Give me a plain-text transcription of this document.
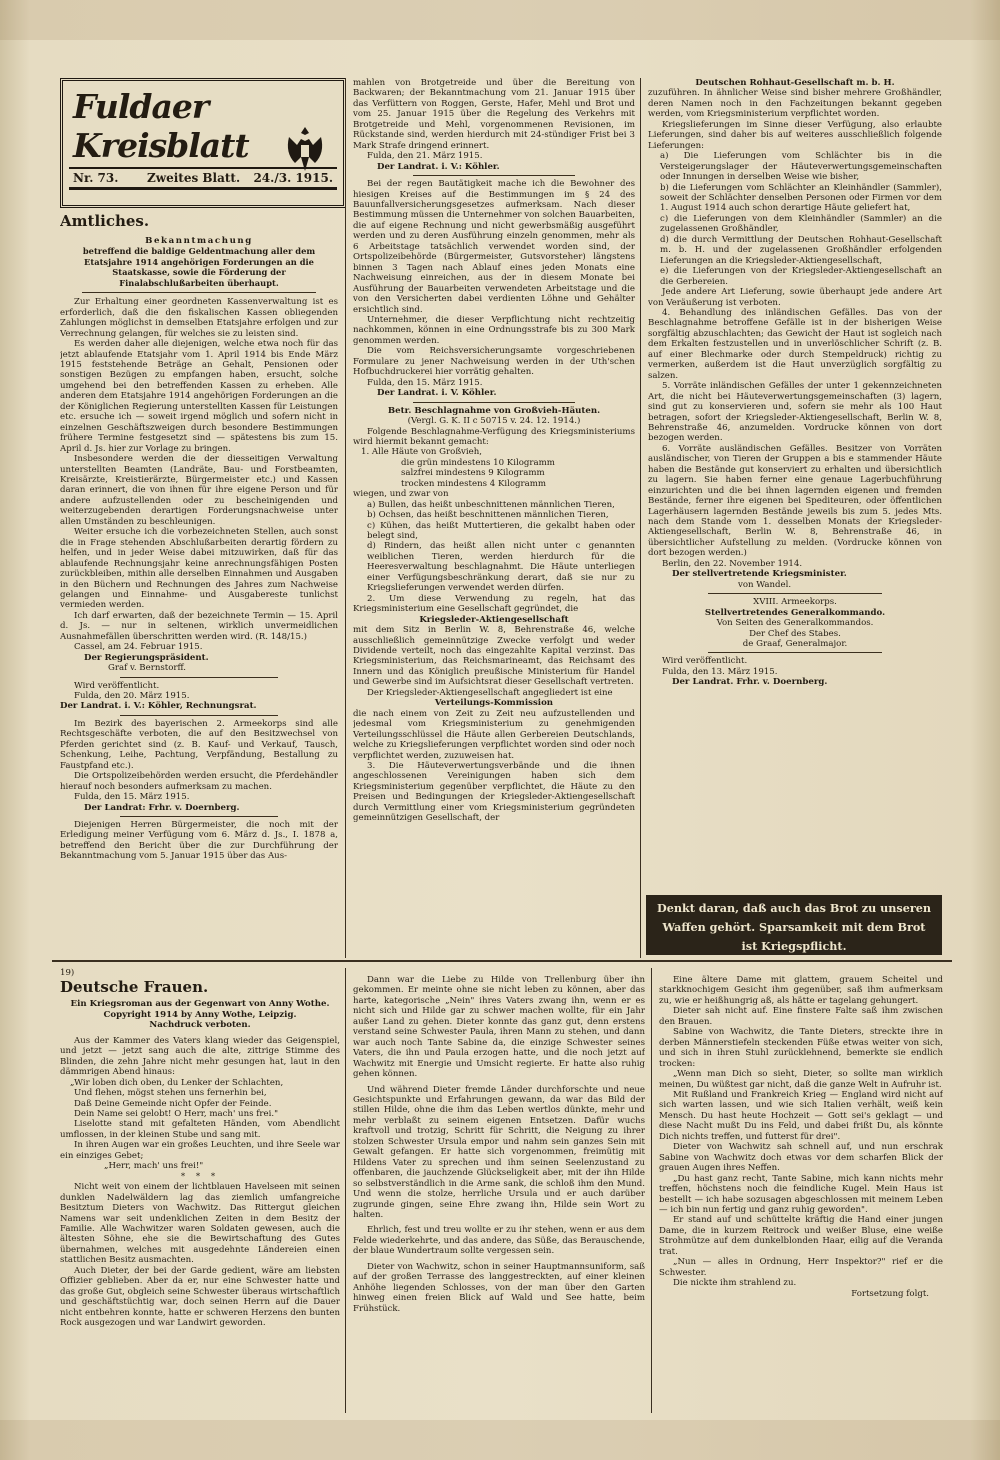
Fuldaer Kreisblatt
Nr. 73. Zweites Blatt. 24./3. 1915.

Amtliches.

Bekanntmachung

betreffend die baldige Geldentmachung aller dem Etatsjahre 1914 angehörigen Forderungen an die Staatskasse, sowie die Förderung der Finalabschlußarbeiten überhaupt.

Zur Erhaltung einer geordneten Kassenverwaltung ist es erforderlich, daß die den fiskalischen Kassen obliegenden Zahlungen möglichst in demselben Etatsjahre erfolgen und zur Verrechnung gelangen, für welches sie zu leisten sind.

Es werden daher alle diejenigen, welche etwa noch für das jetzt ablaufende Etatsjahr vom 1. April 1914 bis Ende März 1915 feststehende Beträge an Gehalt, Pensionen oder sonstigen Bezügen zu empfangen haben, ersucht, solche umgehend bei den betreffenden Kassen zu erheben. Alle anderen dem Etatsjahre 1914 angehörigen Forderungen an die der Königlichen Regierung unterstellten Kassen für Leistungen etc. ersuche ich — soweit irgend möglich und sofern nicht in einzelnen Geschäftszweigen durch besondere Bestimmungen frühere Termine festgesetzt sind — spätestens bis zum 15. April d. Js. hier zur Vorlage zu bringen.

Insbesondere werden die der diesseitigen Verwaltung unterstellten Beamten (Landräte, Bau- und Forstbeamten, Kreisärzte, Kreistierärzte, Bürgermeister etc.) und Kassen daran erinnert, die von ihnen für ihre eigene Person und für andere aufzustellenden oder zu bescheinigenden und weiterzugebenden derartigen Forderungsnachweise unter allen Umständen zu beschleunigen.

Weiter ersuche ich die vorbezeichneten Stellen, auch sonst die in Frage stehenden Abschlußarbeiten derartig fördern zu helfen, und in jeder Weise dabei mitzuwirken, daß für das ablaufende Rechnungsjahr keine anrechnungsfähigen Posten zurückbleiben, mithin alle derselben Einnahmen und Ausgaben in den Büchern und Rechnungen des Jahres zum Nachweise gelangen und Einnahme- und Ausgabereste tunlichst vermieden werden.

Ich darf erwarten, daß der bezeichnete Termin — 15. April d. Js. — nur in seltenen, wirklich unvermeidlichen Ausnahmefällen überschritten werden wird. (R. 148/15.)

Cassel, am 24. Februar 1915.

Der Regierungspräsident.

Graf v. Bernstorff.

Wird veröffentlicht.

Fulda, den 20. März 1915.

Der Landrat. i. V.: Köhler, Rechnungsrat.

Im Bezirk des bayerischen 2. Armeekorps sind alle Rechtsgeschäfte verboten, die auf den Besitzwechsel von Pferden gerichtet sind (z. B. Kauf- und Verkauf, Tausch, Schenkung, Leihe, Pachtung, Verpfändung, Bestallung zu Faustpfand etc.).

Die Ortspolizeibehörden werden ersucht, die Pferdehändler hierauf noch besonders aufmerksam zu machen.

Fulda, den 15. März 1915.

Der Landrat: Frhr. v. Doernberg.

Diejenigen Herren Bürgermeister, die noch mit der Erledigung meiner Verfügung vom 6. März d. Js., I. 1878 a, betreffend den Bericht über die zur Durchführung der Bekanntmachung vom 5. Januar 1915 über das Aus-

mahlen von Brotgetreide und über die Bereitung von Backwaren; der Bekanntmachung vom 21. Januar 1915 über das Verfüttern von Roggen, Gerste, Hafer, Mehl und Brot und vom 25. Januar 1915 über die Regelung des Verkehrs mit Brotgetreide und Mehl, vorgenommenen Revisionen, im Rückstande sind, werden hierdurch mit 24-stündiger Frist bei 3 Mark Strafe dringend erinnert.

Fulda, den 21. März 1915.

Der Landrat. i. V.: Köhler.

Bei der regen Bautätigkeit mache ich die Bewohner des hiesigen Kreises auf die Bestimmungen im § 24 des Bauunfallversicherungsgesetzes aufmerksam. Nach dieser Bestimmung müssen die Unternehmer von solchen Bauarbeiten, die auf eigene Rechnung und nicht gewerbsmäßig ausgeführt werden und zu deren Ausführung einzeln genommen, mehr als 6 Arbeitstage tatsächlich verwendet worden sind, der Ortspolizeibehörde (Bürgermeister, Gutsvorsteher) längstens binnen 3 Tagen nach Ablauf eines jeden Monats eine Nachweisung einreichen, aus der in diesem Monate bei Ausführung der Bauarbeiten verwendeten Arbeitstage und die von den Versicherten dabei verdienten Löhne und Gehälter ersichtlich sind.

Unternehmer, die dieser Verpflichtung nicht rechtzeitig nachkommen, können in eine Ordnungsstrafe bis zu 300 Mark genommen werden.

Die vom Reichsversicherungsamte vorgeschriebenen Formulare zu jener Nachweisung werden in der Uth'schen Hofbuchdruckerei hier vorrätig gehalten.

Fulda, den 15. März 1915.

Der Landrat. i. V. Köhler.

Betr. Beschlagnahme von Großvieh-Häuten.

(Vergl. G. K. II c 50715 v. 24. 12. 1914.)

Folgende Beschlagnahme-Verfügung des Kriegsministeriums wird hiermit bekannt gemacht:

1. Alle Häute von Großvieh,

die grün mindestens 10 Kilogramm

salzfrei mindestens 9 Kilogramm

trocken mindestens 4 Kilogramm

wiegen, und zwar von

a) Bullen, das heißt unbeschnittenen männlichen Tieren,

b) Ochsen, das heißt beschnittenen männlichen Tieren,

c) Kühen, das heißt Muttertieren, die gekalbt haben oder belegt sind,

d) Rindern, das heißt allen nicht unter c genannten weiblichen Tieren, werden hierdurch für die Heeresverwaltung beschlagnahmt. Die Häute unterliegen einer Verfügungsbeschränkung derart, daß sie nur zu Kriegslieferungen verwendet werden dürfen.

2. Um diese Verwendung zu regeln, hat das Kriegsministerium eine Gesellschaft gegründet, die

Kriegsleder-Aktiengesellschaft

mit dem Sitz in Berlin W. 8, Behrenstraße 46, welche ausschließlich gemeinnützige Zwecke verfolgt und weder Dividende verteilt, noch das eingezahlte Kapital verzinst. Das Kriegsministerium, das Reichsmarineamt, das Reichsamt des Innern und das Königlich preußische Ministerium für Handel und Gewerbe sind im Aufsichtsrat dieser Gesellschaft vertreten.

Der Kriegsleder-Aktiengesellschaft angegliedert ist eine

Verteilungs-Kommission

die nach einem von Zeit zu Zeit neu aufzustellenden und jedesmal vom Kriegsministerium zu genehmigenden Verteilungsschlüssel die Häute allen Gerbereien Deutschlands, welche zu Kriegslieferungen verpflichtet worden sind oder noch verpflichtet werden, zuzuweisen hat.

3. Die Häuteverwertungsverbände und die ihnen angeschlossenen Vereinigungen haben sich dem Kriegsministerium gegenüber verpflichtet, die Häute zu den Preisen und Bedingungen der Kriegsleder-Aktiengesellschaft durch Vermittlung einer vom Kriegsministerium gegründeten gemeinnützigen Gesellschaft, der

Deutschen Rohhaut-Gesellschaft m. b. H.

zuzuführen. In ähnlicher Weise sind bisher mehrere Großhändler, deren Namen noch in den Fachzeitungen bekannt gegeben werden, vom Kriegsministerium verpflichtet worden.

Kriegslieferungen im Sinne dieser Verfügung, also erlaubte Lieferungen, sind daher bis auf weiteres ausschließlich folgende Lieferungen:

a) Die Lieferungen vom Schlächter bis in die Versteigerungslager der Häuteverwertungsgemeinschaften oder Innungen in derselben Weise wie bisher,

b) die Lieferungen vom Schlächter an Kleinhändler (Sammler), soweit der Schlächter denselben Personen oder Firmen vor dem 1. August 1914 auch schon derartige Häute geliefert hat,

c) die Lieferungen von dem Kleinhändler (Sammler) an die zugelassenen Großhändler,

d) die durch Vermittlung der Deutschen Rohhaut-Gesellschaft m. b. H. und der zugelassenen Großhändler erfolgenden Lieferungen an die Kriegsleder-Aktiengesellschaft,

e) die Lieferungen von der Kriegsleder-Aktiengesellschaft an die Gerbereien.

Jede andere Art Lieferung, sowie überhaupt jede andere Art von Veräußerung ist verboten.

4. Behandlung des inländischen Gefälles. Das von der Beschlagnahme betroffene Gefälle ist in der bisherigen Weise sorgfältig abzuschlachten; das Gewicht der Haut ist sogleich nach dem Erkalten festzustellen und in unverlöschlicher Schrift (z. B. auf einer Blechmarke oder durch Stempeldruck) richtig zu vermerken, außerdem ist die Haut unverzüglich sorgfältig zu salzen.

5. Vorräte inländischen Gefälles der unter 1 gekennzeichneten Art, die nicht bei Häuteverwertungsgemeinschaften (3) lagern, sind gut zu konservieren und, sofern sie mehr als 100 Haut betragen, sofort der Kriegsleder-Aktiengesellschaft, Berlin W. 8, Behrenstraße 46, anzumelden. Vordrucke können von dort bezogen werden.

6. Vorräte ausländischen Gefälles. Besitzer von Vorräten ausländischer, von Tieren der Gruppen a bis e stammender Häute haben die Bestände gut konserviert zu erhalten und übersichtlich zu lagern. Sie haben ferner eine genaue Lagerbuchführung einzurichten und die bei ihnen lagernden eigenen und fremden Bestände, ferner ihre eigenen bei Spediteuren, oder öffentlichen Lagerhäusern lagernden Bestände jeweils bis zum 5. jedes Mts. nach dem Stande vom 1. desselben Monats der Kriegsleder-Aktiengesellschaft, Berlin W. 8, Behrenstraße 46, in übersichtlicher Aufstellung zu melden. (Vordrucke können von dort bezogen werden.)

Berlin, den 22. November 1914.

Der stellvertretende Kriegsminister.

von Wandel.

XVIII. Armeekorps.

Stellvertretendes Generalkommando.

Von Seiten des Generalkommandos.

Der Chef des Stabes.

de Graaf, Generalmajor.

Wird veröffentlicht.

Fulda, den 13. März 1915.

Der Landrat. Frhr. v. Doernberg.

Denkt daran, daß auch das Brot zu unseren
Waffen gehört. Sparsamkeit mit dem Brot
ist Kriegspflicht.

19)

Deutsche Frauen.

Ein Kriegsroman aus der Gegenwart von Anny Wothe.

Copyright 1914 by Anny Wothe, Leipzig.

Nachdruck verboten.

Aus der Kammer des Vaters klang wieder das Geigenspiel, und jetzt — jetzt sang auch die alte, zittrige Stimme des Blinden, die zehn Jahre nicht mehr gesungen hat, laut in den dämmrigen Abend hinaus:

„Wir loben dich oben, du Lenker der Schlachten,

Und flehen, mögst stehen uns fernerhin bei,

Daß Deine Gemeinde nicht Opfer der Feinde.

Dein Name sei gelobt! O Herr, mach' uns frei."

Liselotte stand mit gefalteten Händen, vom Abendlicht umflossen, in der kleinen Stube und sang mit.

In ihren Augen war ein großes Leuchten, und ihre Seele war ein einziges Gebet;

„Herr, mach' uns frei!"

* * *

Nicht weit von einem der lichtblauen Havelseen mit seinen dunklen Nadelwäldern lag das ziemlich umfangreiche Besitztum Dieters von Wachwitz. Das Rittergut gleichen Namens war seit undenklichen Zeiten in dem Besitz der Familie. Alle Wachwitzer waren Soldaten gewesen, auch die ältesten Söhne, ehe sie die Bewirtschaftung des Gutes übernahmen, welches mit ausgedehnte Ländereien einen stattlichen Besitz ausmachten.

Auch Dieter, der bei der Garde gedient, wäre am liebsten Offizier geblieben. Aber da er, nur eine Schwester hatte und das große Gut, obgleich seine Schwester überaus wirtschaftlich und geschäftstüchtig war, doch seinen Herrn auf die Dauer nicht entbehren konnte, hatte er schweren Herzens den bunten Rock ausgezogen und war Landwirt geworden.

Dann war die Liebe zu Hilde von Trellenburg über ihn gekommen. Er meinte ohne sie nicht leben zu können, aber das harte, kategorische „Nein" ihres Vaters zwang ihn, wenn er es nicht sich und Hilde gar zu schwer machen wollte, für ein Jahr außer Land zu gehen. Dieter konnte das ganz gut, denn erstens verstand seine Schwester Paula, ihren Mann zu stehen, und dann war auch noch Tante Sabine da, die einzige Schwester seines Vaters, die ihn und Paula erzogen hatte, und die noch jetzt auf Wachwitz mit Energie und Umsicht regierte. Er hatte also ruhig gehen können.

Und während Dieter fremde Länder durchforschte und neue Gesichtspunkte und Erfahrungen gewann, da war das Bild der stillen Hilde, ohne die ihm das Leben wertlos dünkte, mehr und mehr verblaßt zu seinem eigenen Entsetzen. Dafür wuchs kraftvoll und trotzig, Schritt für Schritt, die Neigung zu ihrer stolzen Schwester Ursula empor und nahm sein ganzes Sein mit Gewalt gefangen. Er hatte sich vorgenommen, freimütig mit Hildens Vater zu sprechen und ihm seinen Seelenzustand zu offenbaren, die jauchzende Glückseligkeit aber, mit der ihn Hilde so selbstverständlich in die Arme sank, die schloß ihm den Mund. Und wenn die stolze, herrliche Ursula und er auch darüber zugrunde gingen, seine Ehre zwang ihn, Hilde sein Wort zu halten.

Ehrlich, fest und treu wollte er zu ihr stehen, wenn er aus dem Felde wiederkehrte, und das andere, das Süße, das Berauschende, der blaue Wundertraum sollte vergessen sein.

Dieter von Wachwitz, schon in seiner Hauptmannsuniform, saß auf der großen Terrasse des langgestreckten, auf einer kleinen Anhöhe liegenden Schlosses, von der man über den Garten hinweg einen freien Blick auf Wald und See hatte, beim Frühstück.

Eine ältere Dame mit glattem, grauem Scheitel und starkknochigem Gesicht ihm gegenüber, saß ihm aufmerksam zu, wie er heißhungrig aß, als hätte er tagelang gehungert.

Dieter sah nicht auf. Eine finstere Falte saß ihm zwischen den Brauen.

Sabine von Wachwitz, die Tante Dieters, streckte ihre in derben Männerstiefeln steckenden Füße etwas weiter von sich, und sich in ihren Stuhl zurücklehnend, bemerkte sie endlich trocken:

„Wenn man Dich so sieht, Dieter, so sollte man wirklich meinen, Du wüßtest gar nicht, daß die ganze Welt in Aufruhr ist.

Mit Rußland und Frankreich Krieg — England wird nicht auf sich warten lassen, und wie sich Italien verhält, weiß kein Mensch. Du hast heute Hochzeit — Gott sei's geklagt — und diese Nacht mußt Du ins Feld, und dabei frißt Du, als könnte Dich nichts treffen, und futterst für drei".

Dieter von Wachwitz sah schnell auf, und nun erschrak Sabine von Wachwitz doch etwas vor dem scharfen Blick der grauen Augen ihres Neffen.

„Du hast ganz recht, Tante Sabine, mich kann nichts mehr treffen, höchstens noch die feindliche Kugel. Mein Haus ist bestellt — ich habe sozusagen abgeschlossen mit meinem Leben — ich bin nun fertig und ganz ruhig geworden".

Er stand auf und schüttelte kräftig die Hand einer jungen Dame, die in kurzem Reitrock und weißer Bluse, eine weiße Strohmütze auf dem dunkelblonden Haar, eilig auf die Veranda trat.

„Nun — alles in Ordnung, Herr Inspektor?" rief er die Schwester.

Die nickte ihm strahlend zu.

Fortsetzung folgt.
